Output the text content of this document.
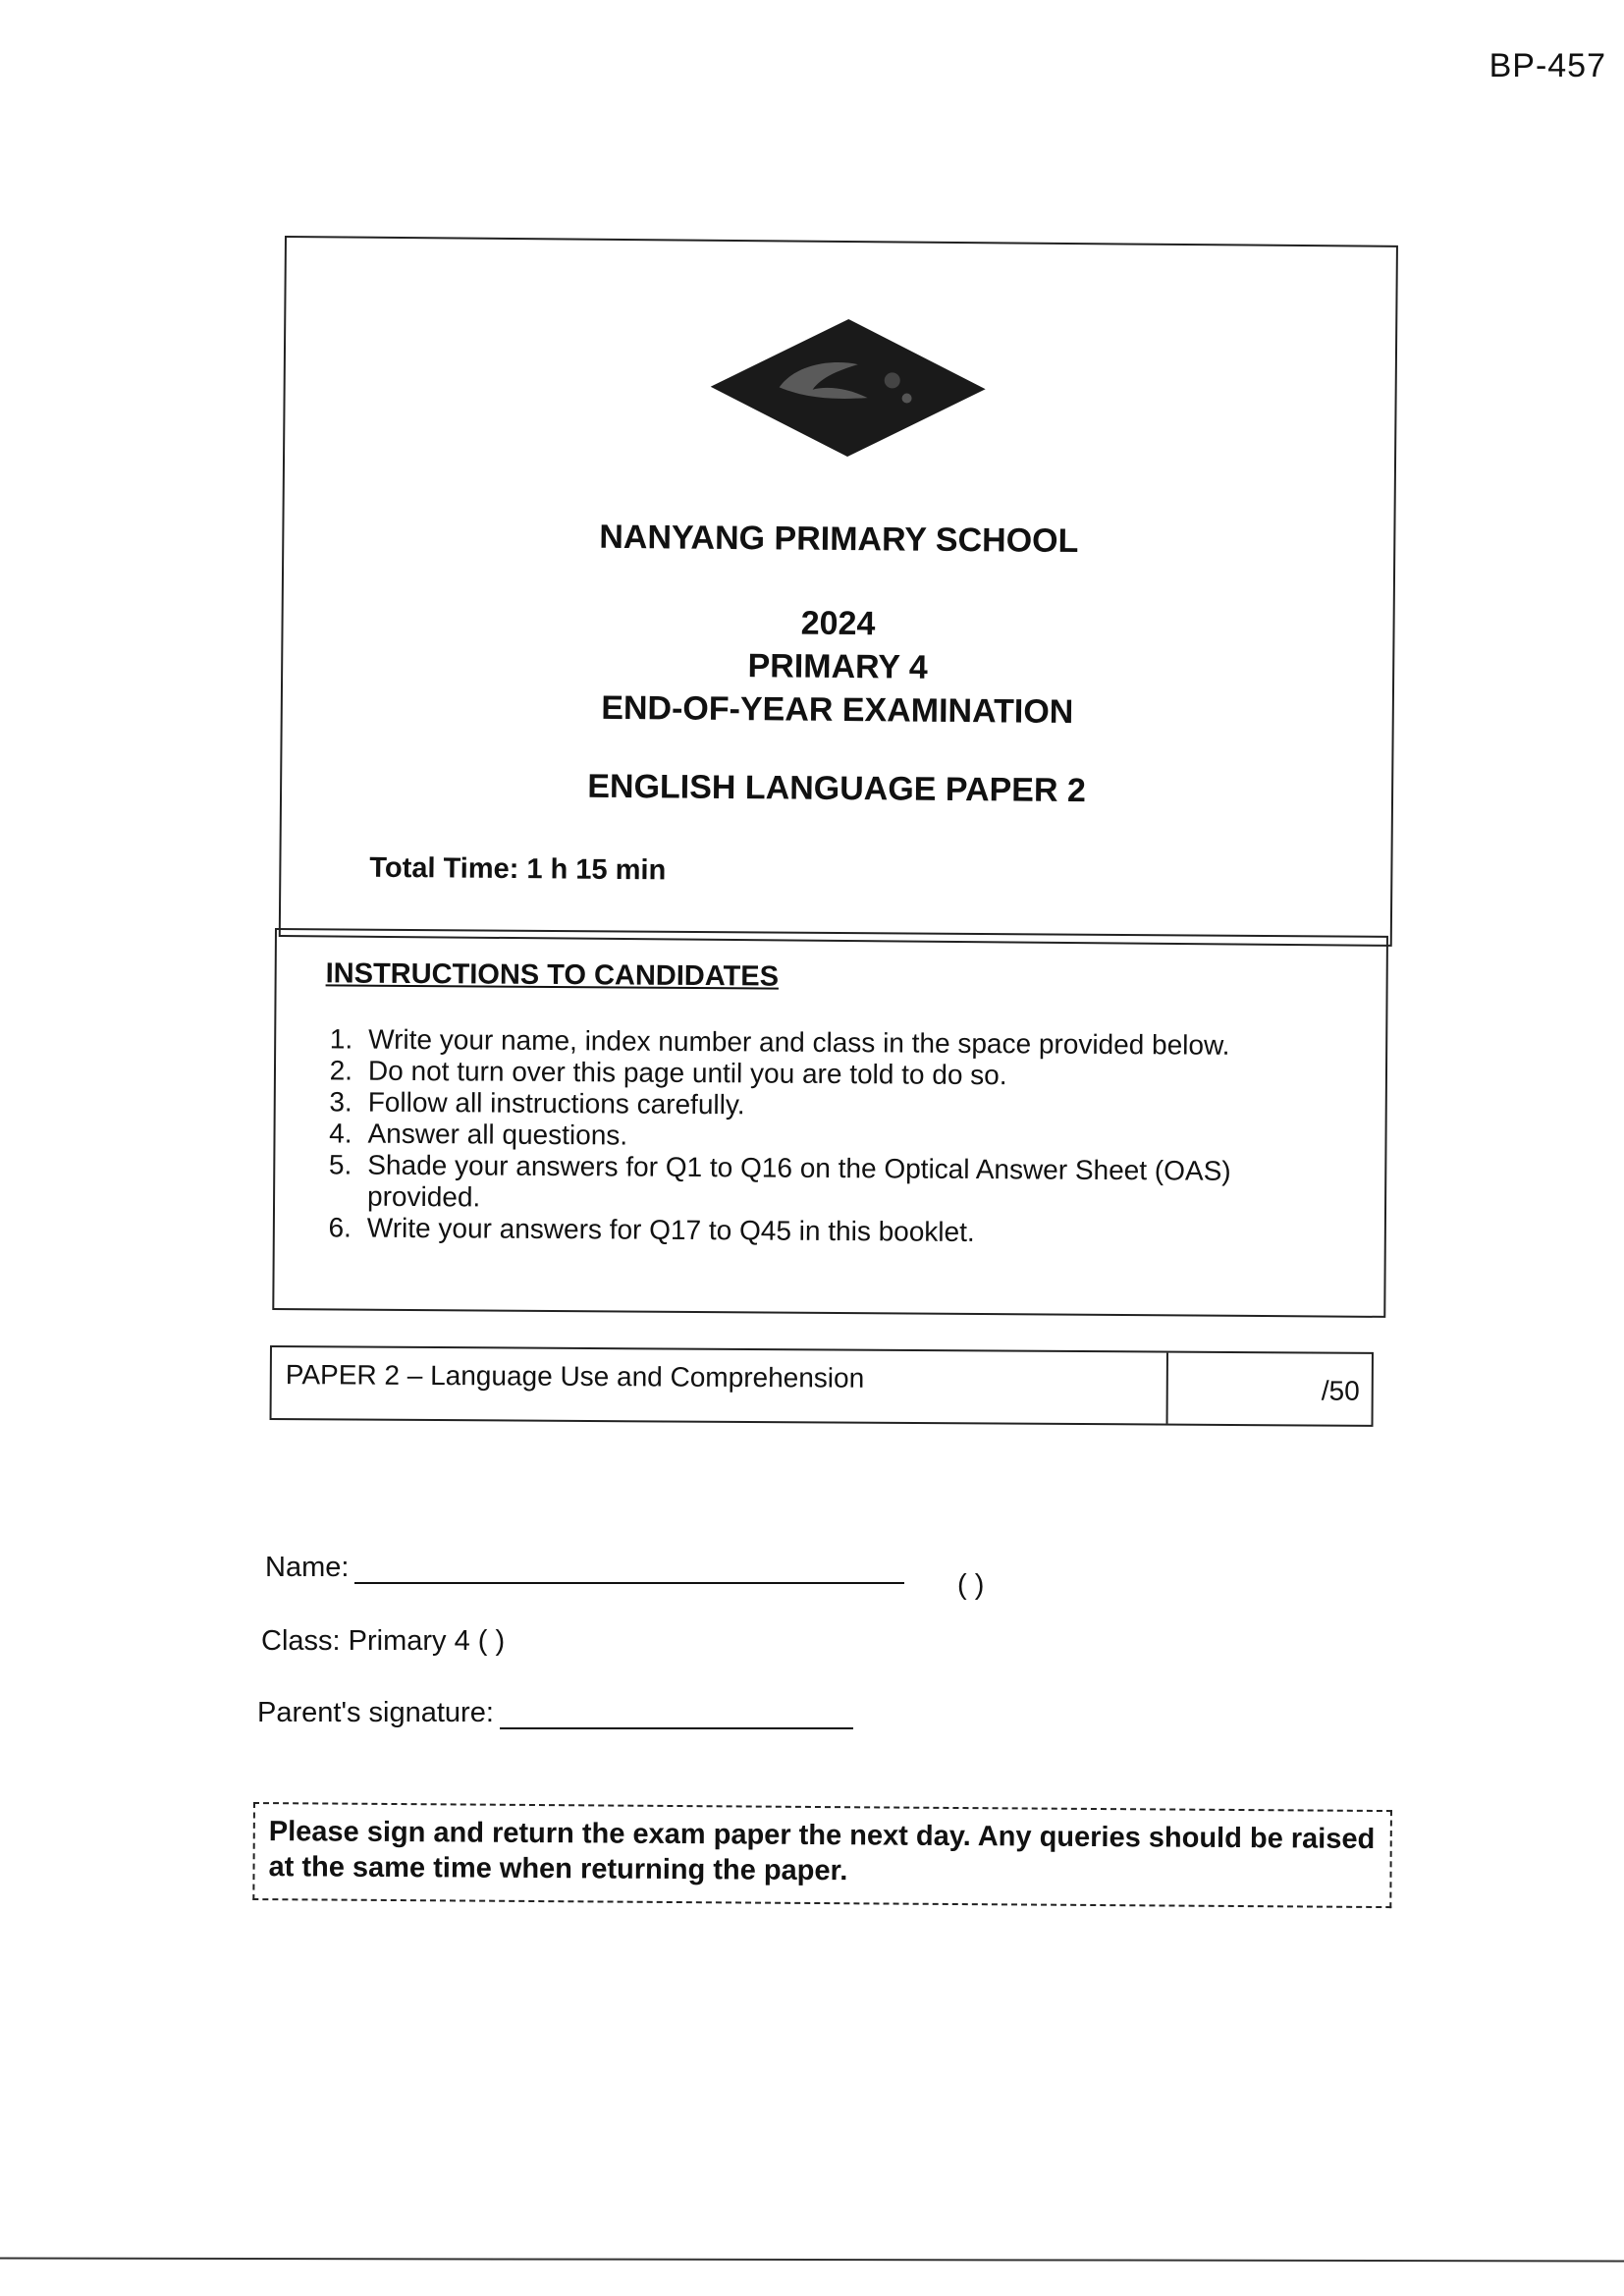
BP-457
NANYANG PRIMARY SCHOOL
2024
PRIMARY 4
END-OF-YEAR EXAMINATION
ENGLISH LANGUAGE PAPER 2
Total Time: 1 h 15 min
INSTRUCTIONS TO CANDIDATES
1. Write your name, index number and class in the space provided below.
2. Do not turn over this page until you are told to do so.
3. Follow all instructions carefully.
4. Answer all questions.
5. Shade your answers for Q1 to Q16 on the Optical Answer Sheet (OAS) provided.
6. Write your answers for Q17 to Q45 in this booklet.
PAPER 2 – Language Use and Comprehension	/50
Name:
( )
Class: Primary 4 ( )
Parent's signature:
Please sign and return the exam paper the next day. Any queries should be raised at the same time when returning the paper.
